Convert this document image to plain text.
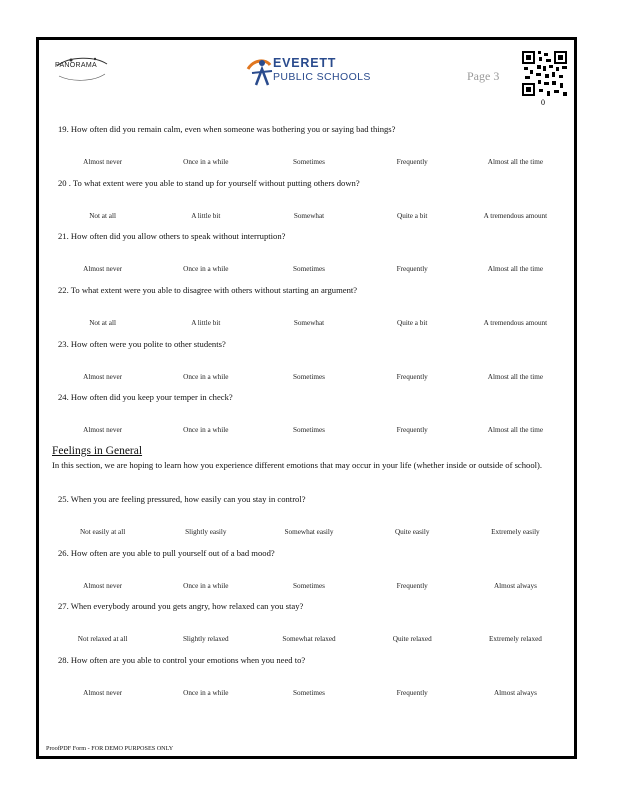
PANORAMA	EVERETT
PUBLIC SCHOOLS	Page 3
0
19. How often did you remain calm, even when someone was bothering you or saying bad things?
Almost never	Once in a while	Sometimes	Frequently	Almost all the time
20 . To what extent were you able to stand up for yourself without putting others down?
Not at all	A little bit	Somewhat	Quite a bit	A tremendous amount
21. How often did you allow others to speak without interruption?
Almost never	Once in a while	Sometimes	Frequently	Almost all the time
22. To what extent were you able to disagree with others without starting an argument?
Not at all	A little bit	Somewhat	Quite a bit	A tremendous amount
23. How often were you polite to other students?
Almost never	Once in a while	Sometimes	Frequently	Almost all the time
24. How often did you keep your temper in check?
Almost never	Once in a while	Sometimes	Frequently	Almost all the time
Feelings in General
In this section, we are hoping to learn how you experience different emotions that may occur in your life (whether inside or outside of school).
25. When you are feeling pressured, how easily can you stay in control?
Not easily at all	Slightly easily	Somewhat easily	Quite easily	Extremely easily
26. How often are you able to pull yourself out of a bad mood?
Almost never	Once in a while	Sometimes	Frequently	Almost always
27. When everybody around you gets angry, how relaxed can you stay?
Not relaxed at all	Slightly relaxed	Somewhat relaxed	Quite relaxed	Extremely relaxed
28. How often are you able to control your emotions when you need to?
Almost never	Once in a while	Sometimes	Frequently	Almost always
ProofPDF Form - FOR DEMO PURPOSES ONLY
